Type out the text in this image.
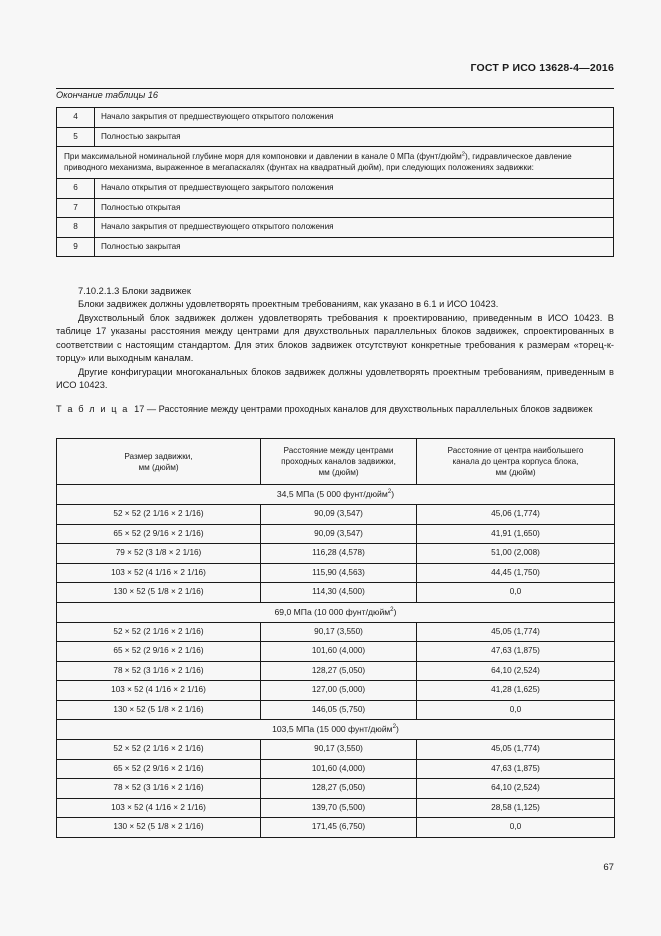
ГОСТ Р ИСО 13628-4—2016
Окончание таблицы 16
4	Начало закрытия от предшествующего открытого положения
5	Полностью закрытая
При максимальной номинальной глубине моря для компоновки и давлении в канале 0 МПа (фунт/дюйм$^2$), гидравлическое давление приводного механизма, выраженное в мегапаскалях (фунтах на квадратный дюйм), при следующих положениях задвижки:	
6	Начало открытия от предшествующего закрытого положения
7	Полностью открытая
8	Начало закрытия от предшествующего открытого положения
9	Полностью закрытая

7.10.2.1.3 Блоки задвижек

Блоки задвижек должны удовлетворять проектным требованиям, как указано в 6.1 и ИСО 10423.

Двухствольный блок задвижек должен удовлетворять требования к проектированию, приведенным в ИСО 10423. В таблице 17 указаны расстояния между центрами для двухствольных параллельных блоков задвижек, спроектированных в соответствии с настоящим стандартом. Для этих блоков задвижек отсутствуют конкретные требования к размерам «торец-к-торцу» или выходным каналам.

Другие конфигурации многоканальных блоков задвижек должны удовлетворять проектным требованиям, приведенным в ИСО 10423.

Т а б л и ц а 17 — Расстояние между центрами проходных каналов для двухствольных параллельных блоков задвижек
Размер задвижки,
мм (дюйм)	Расстояние между центрами
проходных каналов задвижки,
мм (дюйм)	Расстояние от центра наибольшего
канала до центра корпуса блока,
мм (дюйм)
34,5 МПа (5 000 фунт/дюйм$^2$)		
52 × 52 (2 1/16 × 2 1/16)	90,09 (3,547)	45,06 (1,774)
65 × 52 (2 9/16 × 2 1/16)	90,09 (3,547)	41,91 (1,650)
79 × 52 (3 1/8 × 2 1/16)	116,28 (4,578)	51,00 (2,008)
103 × 52 (4 1/16 × 2 1/16)	115,90 (4,563)	44,45 (1,750)
130 × 52 (5 1/8 × 2 1/16)	114,30 (4,500)	0,0
69,0 МПа (10 000 фунт/дюйм$^2$)		
52 × 52 (2 1/16 × 2 1/16)	90,17 (3,550)	45,05 (1,774)
65 × 52 (2 9/16 × 2 1/16)	101,60 (4,000)	47,63 (1,875)
78 × 52 (3 1/16 × 2 1/16)	128,27 (5,050)	64,10 (2,524)
103 × 52 (4 1/16 × 2 1/16)	127,00 (5,000)	41,28 (1,625)
130 × 52 (5 1/8 × 2 1/16)	146,05 (5,750)	0,0
103,5 МПа (15 000 фунт/дюйм$^2$)		
52 × 52 (2 1/16 × 2 1/16)	90,17 (3,550)	45,05 (1,774)
65 × 52 (2 9/16 × 2 1/16)	101,60 (4,000)	47,63 (1,875)
78 × 52 (3 1/16 × 2 1/16)	128,27 (5,050)	64,10 (2,524)
103 × 52 (4 1/16 × 2 1/16)	139,70 (5,500)	28,58 (1,125)
130 × 52 (5 1/8 × 2 1/16)	171,45 (6,750)	0,0
67
